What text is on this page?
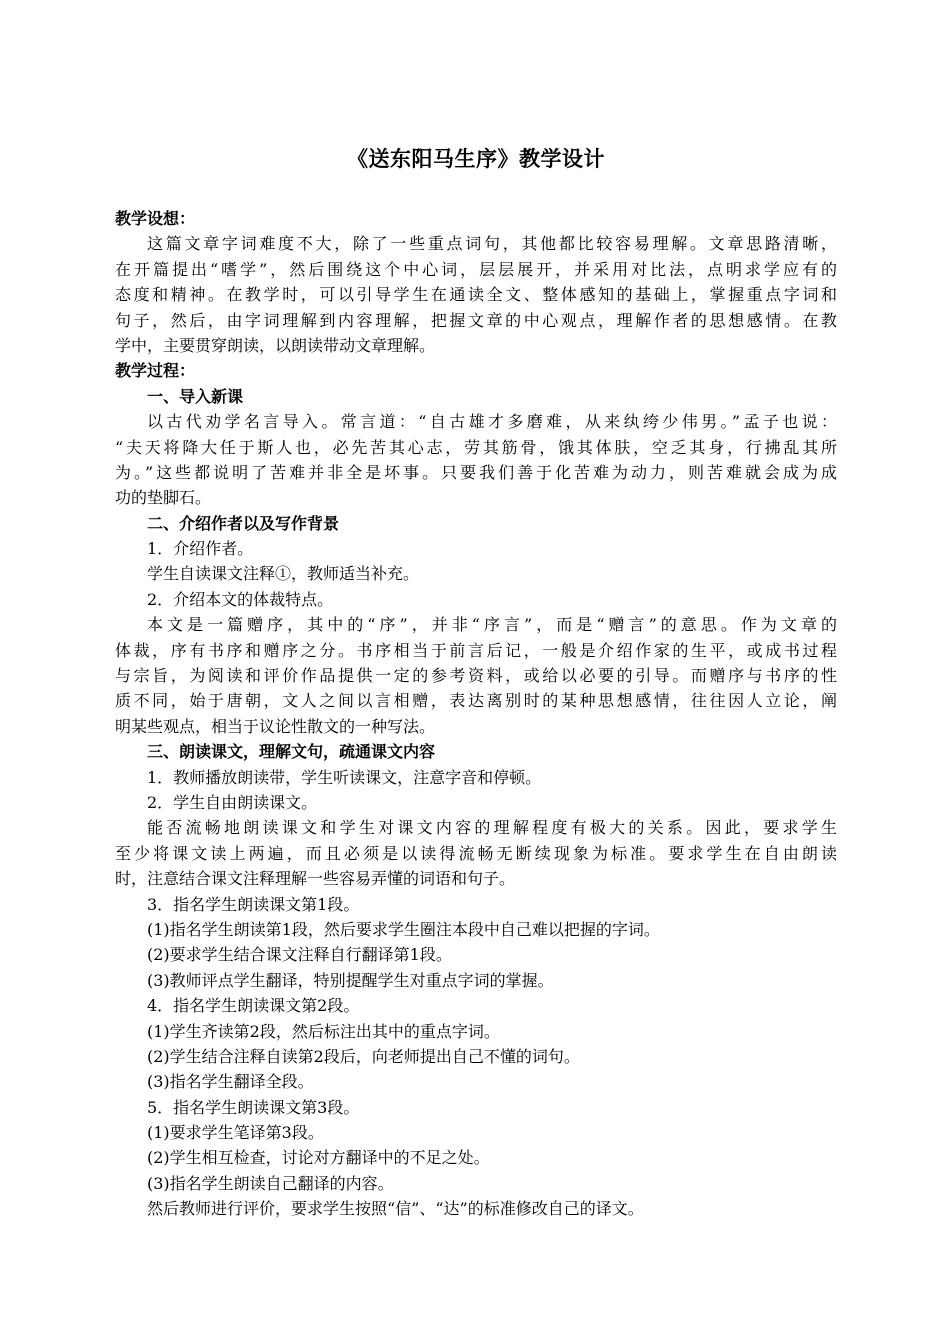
《送东阳马生序》教学设计
教学设想：
这篇文章字词难度不大，除了一些重点词句，其他都比较容易理解。文章思路清晰，
在开篇提出“嗜学”，然后围绕这个中心词，层层展开，并采用对比法，点明求学应有的
态度和精神。在教学时，可以引导学生在通读全文、整体感知的基础上，掌握重点字词和
句子，然后，由字词理解到内容理解，把握文章的中心观点，理解作者的思想感情。在教
学中，主要贯穿朗读，以朗读带动文章理解。
教学过程：
一、导入新课
以古代劝学名言导入。常言道：“自古雄才多磨难，从来纨绔少伟男。”孟子也说：
“夫天将降大任于斯人也，必先苦其心志，劳其筋骨，饿其体肤，空乏其身，行拂乱其所
为。”这些都说明了苦难并非全是坏事。只要我们善于化苦难为动力，则苦难就会成为成
功的垫脚石。
二、介绍作者以及写作背景
1．介绍作者。
学生自读课文注释①，教师适当补充。
2．介绍本文的体裁特点。
本文是一篇赠序，其中的“序”，并非“序言”，而是“赠言”的意思。作为文章的
体裁，序有书序和赠序之分。书序相当于前言后记，一般是介绍作家的生平，或成书过程
与宗旨，为阅读和评价作品提供一定的参考资料，或给以必要的引导。而赠序与书序的性
质不同，始于唐朝，文人之间以言相赠，表达离别时的某种思想感情，往往因人立论，阐
明某些观点，相当于议论性散文的一种写法。
三、朗读课文，理解文句，疏通课文内容
1．教师播放朗读带，学生听读课文，注意字音和停顿。
2．学生自由朗读课文。
能否流畅地朗读课文和学生对课文内容的理解程度有极大的关系。因此，要求学生
至少将课文读上两遍，而且必须是以读得流畅无断续现象为标准。要求学生在自由朗读
时，注意结合课文注释理解一些容易弄懂的词语和句子。
3．指名学生朗读课文第1段。
(1)指名学生朗读第1段，然后要求学生圈注本段中自己难以把握的字词。
(2)要求学生结合课文注释自行翻译第1段。
(3)教师评点学生翻译，特别提醒学生对重点字词的掌握。
4．指名学生朗读课文第2段。
(1)学生齐读第2段，然后标注出其中的重点字词。
(2)学生结合注释自读第2段后，向老师提出自己不懂的词句。
(3)指名学生翻译全段。
5．指名学生朗读课文第3段。
(1)要求学生笔译第3段。
(2)学生相互检查，讨论对方翻译中的不足之处。
(3)指名学生朗读自己翻译的内容。
然后教师进行评价，要求学生按照“信”、“达”的标准修改自己的译文。
